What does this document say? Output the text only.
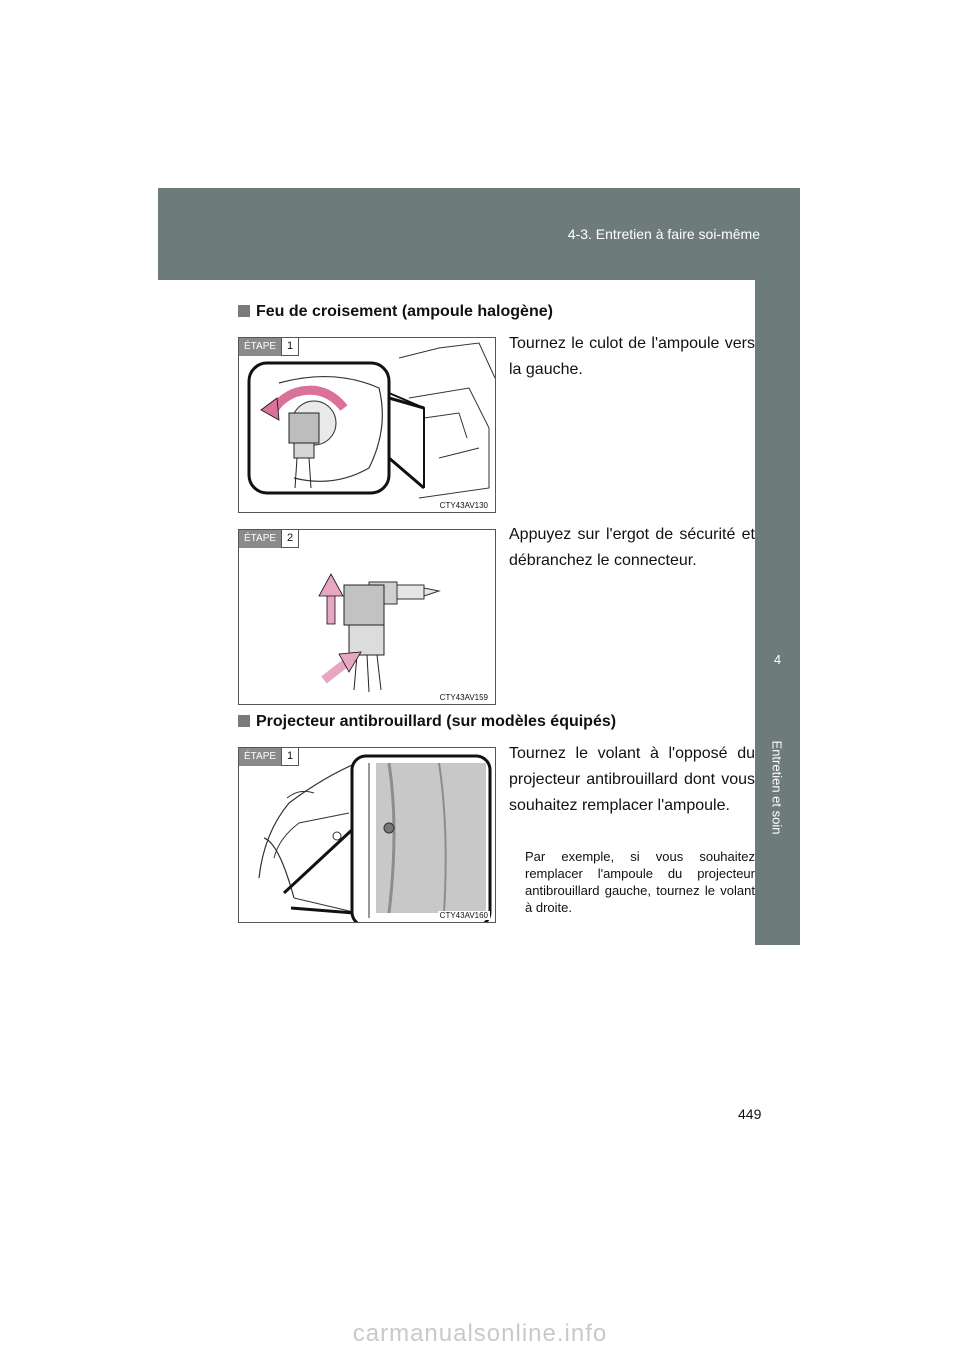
4-3. Entretien à faire soi-même
4
Entretien et soin
Feu de croisement (ampoule halogène)
ÉTAPE	1
CTY43AV130
Tournez le culot de l'ampoule vers la gauche.
ÉTAPE	2
CTY43AV159
Appuyez sur l'ergot de sécurité et débranchez le connecteur.
Projecteur antibrouillard (sur modèles équipés)
ÉTAPE	1
CTY43AV160
Tournez le volant à l'opposé du projecteur antibrouillard dont vous souhaitez remplacer l'ampoule.
Par exemple, si vous souhaitez remplacer l'ampoule du projecteur antibrouillard gauche, tournez le volant à droite.
449
carmanualsonline.info
